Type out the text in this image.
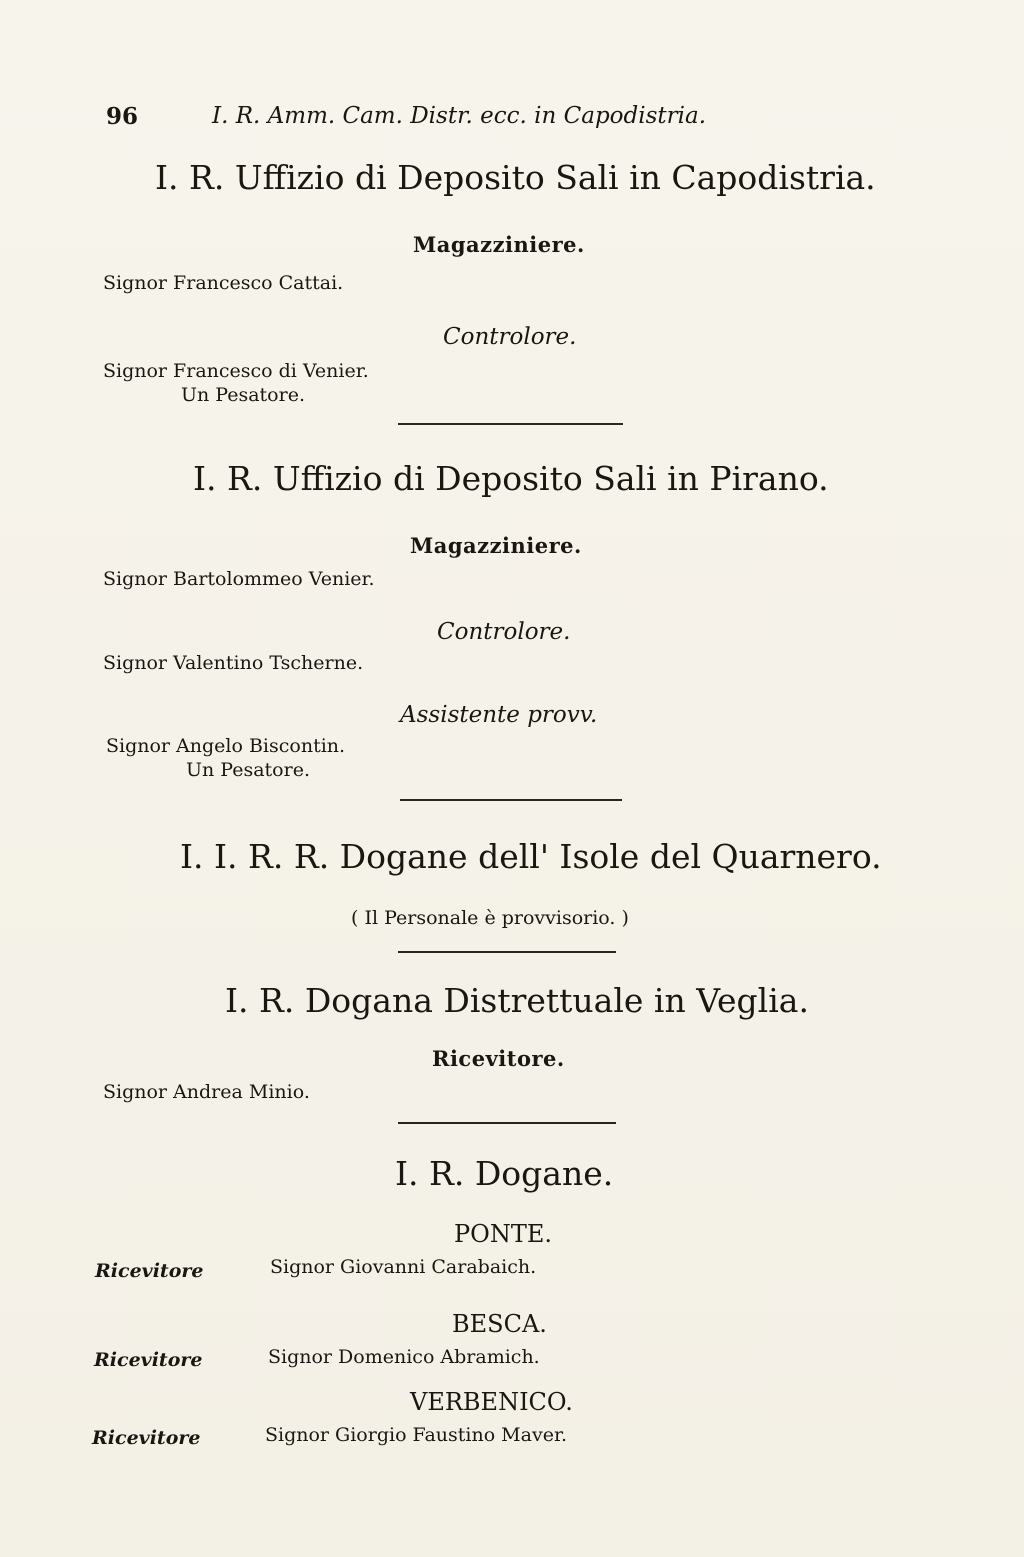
96	I. R. Amm. Cam. Distr. ecc. in Capodistria.
I. R. Uffizio di Deposito Sali in Capodistria.
Magazziniere.
Signor Francesco Cattai.
Controlore.
Signor Francesco di Venier.
Un Pesatore.
I. R. Uffizio di Deposito Sali in Pirano.
Magazziniere.
Signor Bartolommeo Venier.
Controlore.
Signor Valentino Tscherne.
Assistente provv.
Signor Angelo Biscontin.
Un Pesatore.
I. I. R. R. Dogane dell' Isole del Quarnero.
( Il Personale è provvisorio. )
I. R. Dogana Distrettuale in Veglia.
Ricevitore.
Signor Andrea Minio.
I. R. Dogane.
PONTE.
Ricevitore	Signor Giovanni Carabaich.
BESCA.
Ricevitore	Signor Domenico Abramich.
VERBENICO.
Ricevitore	Signor Giorgio Faustino Maver.
